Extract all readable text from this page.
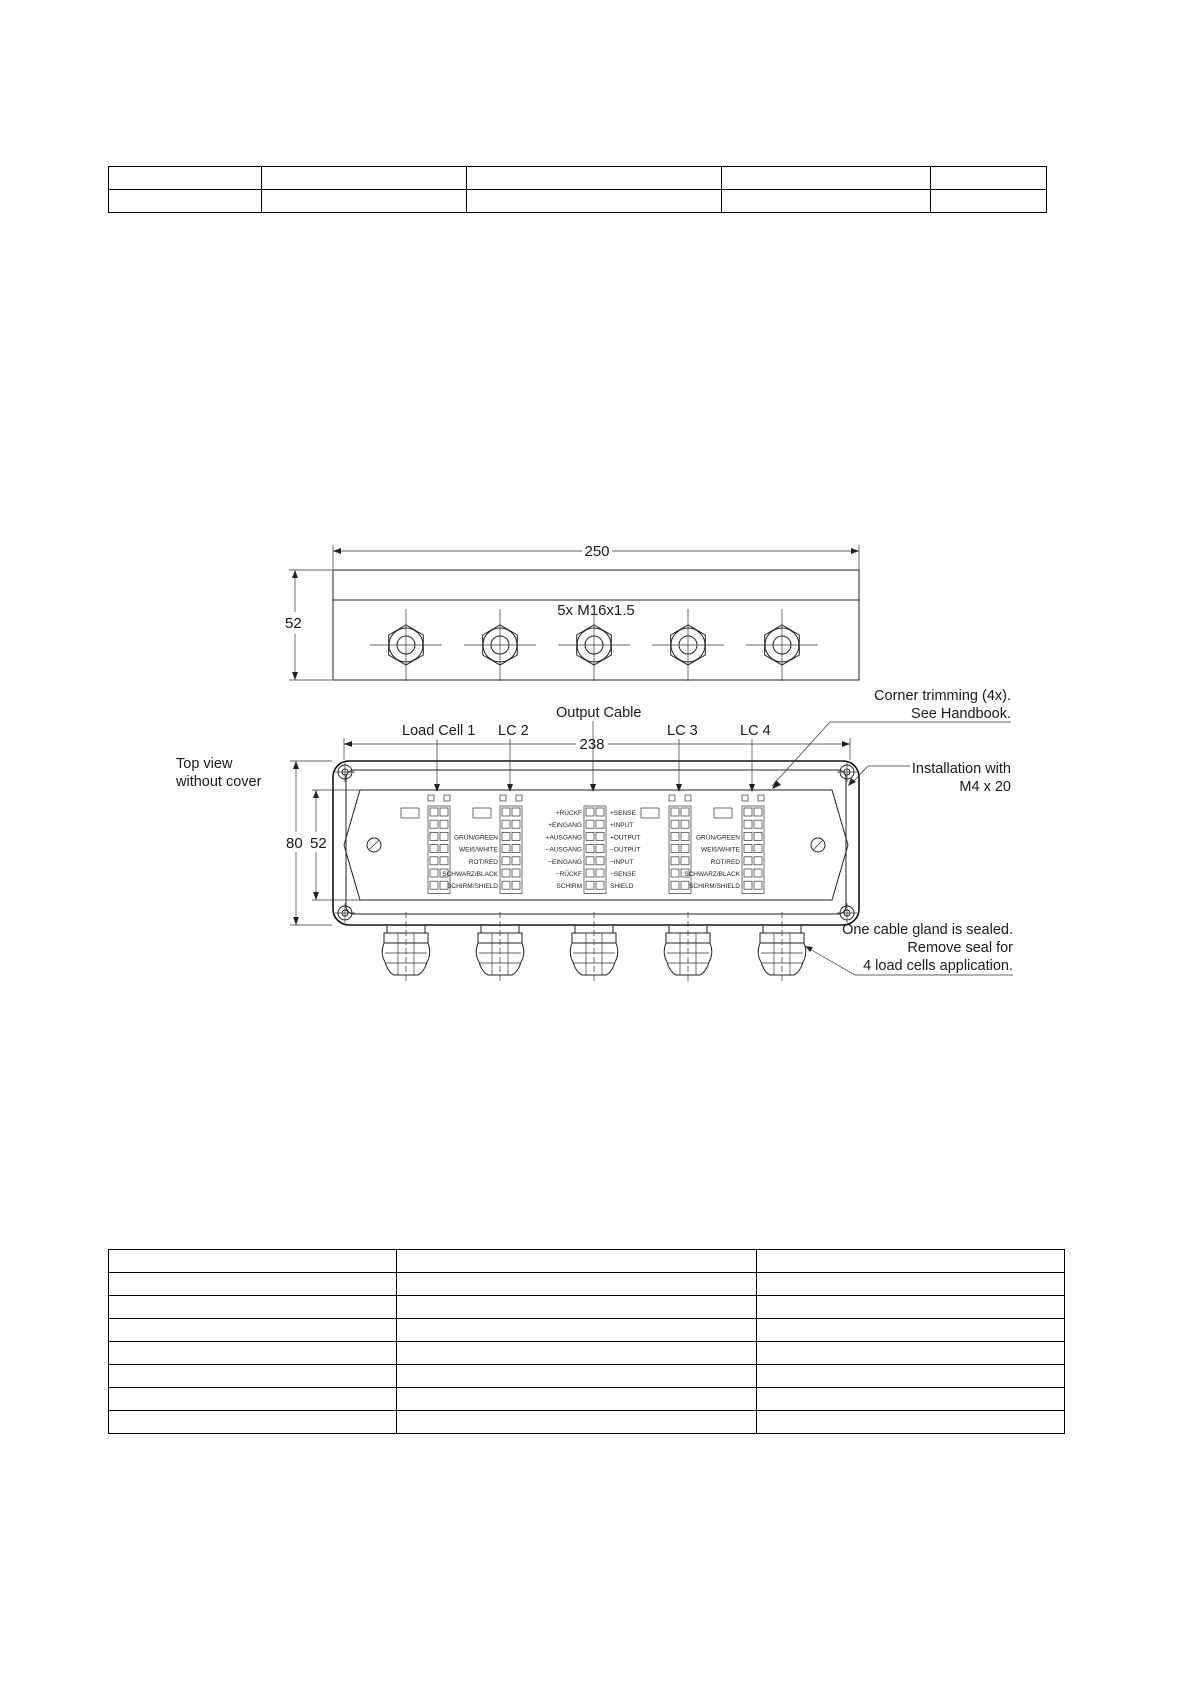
250
52
5x M16x1.5
Top view
without cover
238
80 52	GRÜN/GREEN
WEIß/WHITE
ROT/RED
SCHWARZ/BLACK
SCHIRM/SHIELD
GRÜN/GREEN
WEIß/WHITE
ROT/RED
SCHWARZ/BLACK
SCHIRM/SHIELD
+RÜCKF
+EINGANG
+AUSGANG
−AUSGANG
−EINGANG
−RÜCKF
SCHIRM
+SENSE
+INPUT
+OUTPUT
−OUTPUT
−INPUT
−SENSE
SHIELD
Load Cell 1 LC 2
Output Cable
LC 3	LC 4
Corner trimming (4x).
See Handbook.
Installation with
M4 x 20
One cable gland is sealed.
Remove seal for
4 load cells application.
